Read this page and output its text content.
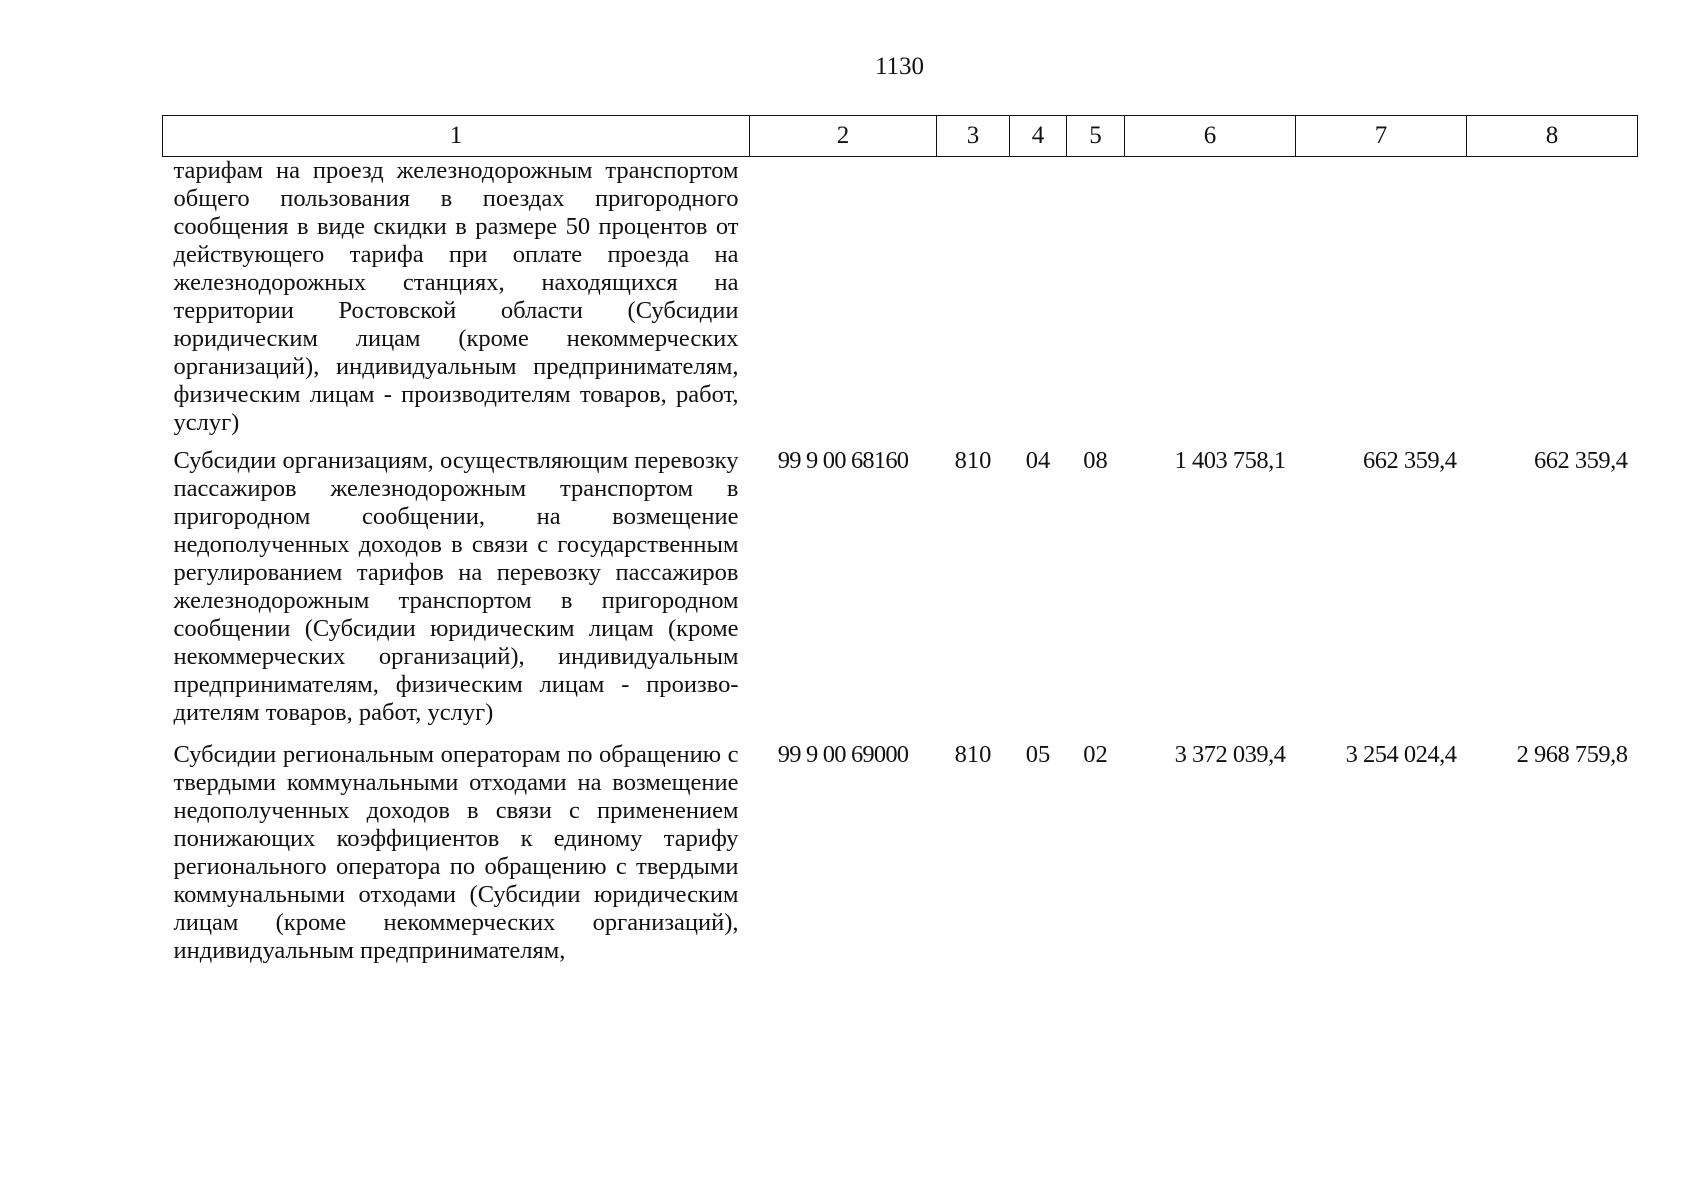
1130
1	2	3	4	5	6	7	8
тарифам на проезд железнодорожным транспортом общего пользования в поездах пригородного сообщения в виде скидки в размере 50 процентов от действующего тарифа при оплате проезда на железнодорожных станциях, находящихся на территории Ростовской области (Субсидии юридическим лицам (кроме некоммерческих организаций), индивидуальным предпринимателям, физическим лицам - производителям товаров, работ, услуг)							
Субсидии организациям, осуществляющим перевозку пассажиров железнодорожным транспортом в пригородном сообщении, на возмещение недополученных доходов в связи с государственным регулированием тарифов на перевозку пассажиров железнодорожным транспортом в пригородном сообщении (Субсидии юридическим лицам (кроме некоммерческих организаций), индивидуальным предпринимателям, физическим лицам - производителям товаров, работ, услуг)	99 9 00 68160	810	04	08	1 403 758,1	662 359,4	662 359,4
Субсидии региональным операторам по обращению с твердыми коммунальными отходами на возмещение недополученных доходов в связи с применением понижающих коэффициентов к единому тарифу регионального оператора по обращению с твердыми коммунальными отходами (Субсидии юридическим лицам (кроме некоммерческих организаций), индивидуальным предпринимателям,	99 9 00 69000	810	05	02	3 372 039,4	3 254 024,4	2 968 759,8
